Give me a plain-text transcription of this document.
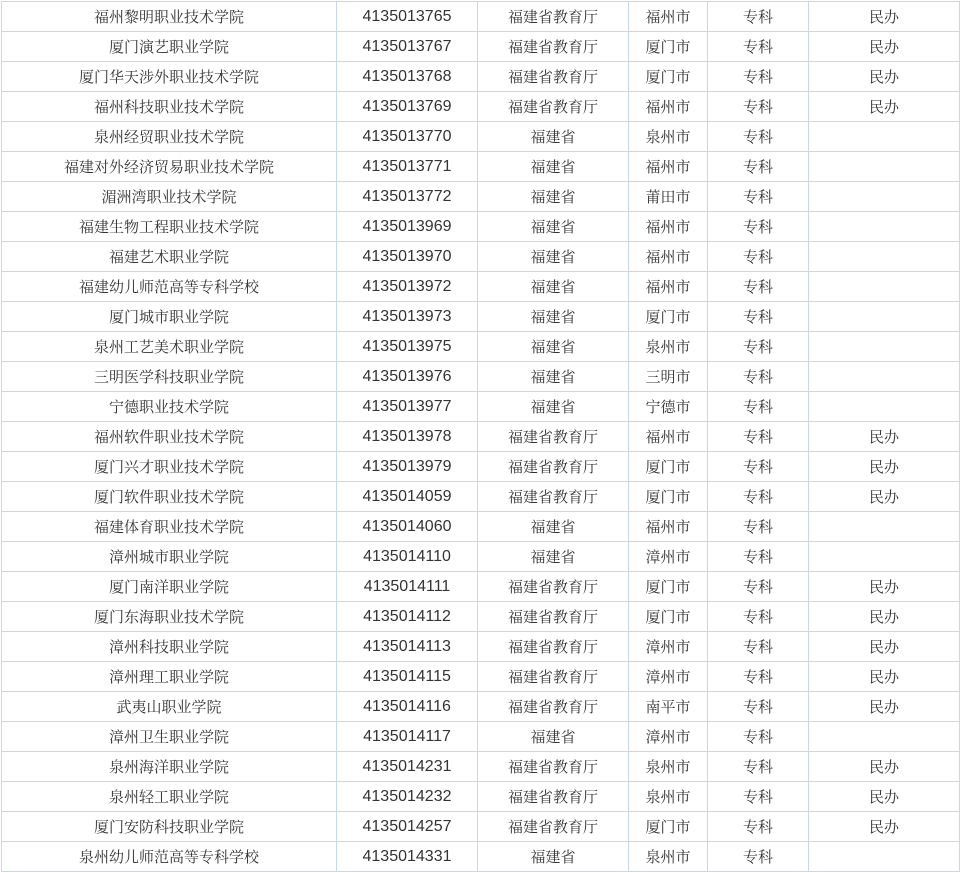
福州黎明职业技术学院	4135013765	福建省教育厅	福州市	专科	民办
厦门演艺职业学院	4135013767	福建省教育厅	厦门市	专科	民办
厦门华天涉外职业技术学院	4135013768	福建省教育厅	厦门市	专科	民办
福州科技职业技术学院	4135013769	福建省教育厅	福州市	专科	民办
泉州经贸职业技术学院	4135013770	福建省	泉州市	专科	
福建对外经济贸易职业技术学院	4135013771	福建省	福州市	专科	
湄洲湾职业技术学院	4135013772	福建省	莆田市	专科	
福建生物工程职业技术学院	4135013969	福建省	福州市	专科	
福建艺术职业学院	4135013970	福建省	福州市	专科	
福建幼儿师范高等专科学校	4135013972	福建省	福州市	专科	
厦门城市职业学院	4135013973	福建省	厦门市	专科	
泉州工艺美术职业学院	4135013975	福建省	泉州市	专科	
三明医学科技职业学院	4135013976	福建省	三明市	专科	
宁德职业技术学院	4135013977	福建省	宁德市	专科	
福州软件职业技术学院	4135013978	福建省教育厅	福州市	专科	民办
厦门兴才职业技术学院	4135013979	福建省教育厅	厦门市	专科	民办
厦门软件职业技术学院	4135014059	福建省教育厅	厦门市	专科	民办
福建体育职业技术学院	4135014060	福建省	福州市	专科	
漳州城市职业学院	4135014110	福建省	漳州市	专科	
厦门南洋职业学院	4135014111	福建省教育厅	厦门市	专科	民办
厦门东海职业技术学院	4135014112	福建省教育厅	厦门市	专科	民办
漳州科技职业学院	4135014113	福建省教育厅	漳州市	专科	民办
漳州理工职业学院	4135014115	福建省教育厅	漳州市	专科	民办
武夷山职业学院	4135014116	福建省教育厅	南平市	专科	民办
漳州卫生职业学院	4135014117	福建省	漳州市	专科	
泉州海洋职业学院	4135014231	福建省教育厅	泉州市	专科	民办
泉州轻工职业学院	4135014232	福建省教育厅	泉州市	专科	民办
厦门安防科技职业学院	4135014257	福建省教育厅	厦门市	专科	民办
泉州幼儿师范高等专科学校	4135014331	福建省	泉州市	专科	
